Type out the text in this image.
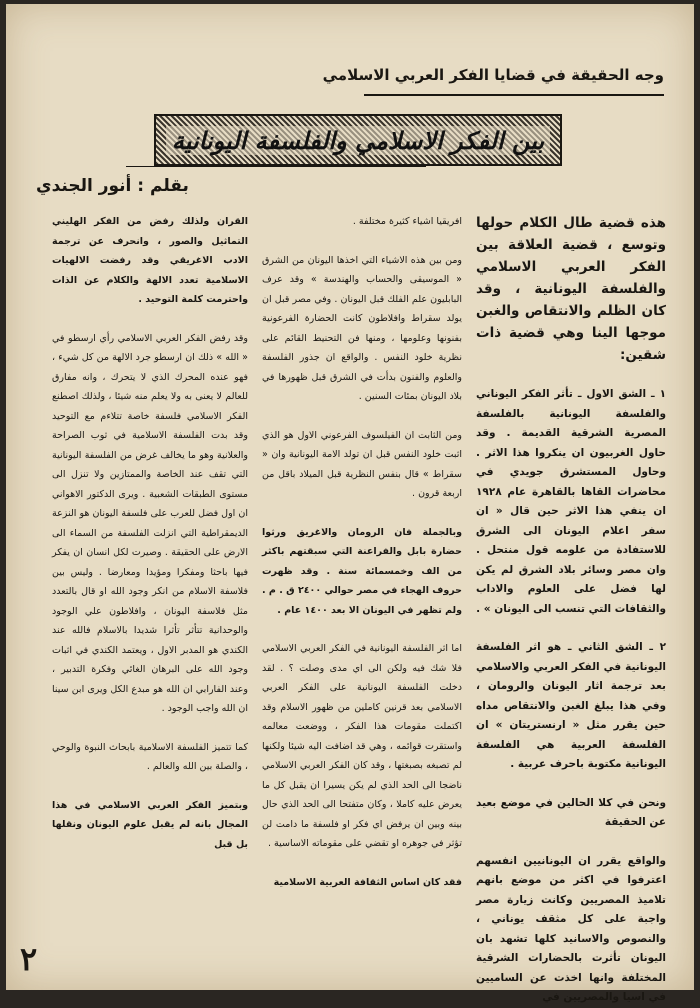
وجه الحقيقة في قضايا الفكر العربي الاسلامي
بين الفكر الاسلامي والفلسفة اليونانية
بقلم : أنور الجندي

هذه قضية طال الكلام حولها وتوسع ، قضية العلاقة بين الفكر العربي الاسلامي والفلسفة اليونانية ، وقد كان الظلم والانتقاص والغبن موجها الينا وهي قضية ذات شقين:

١ ـ الشق الاول ـ تأثر الفكر اليوناني والفلسفة اليونانية بالفلسفة المصرية الشرقية القديمة . وقد حاول الغربيون ان ينكروا هذا الاثر . وحاول المستشرق جويدي في محاضرات القاها بالقاهرة عام ١٩٢٨ ان ينفي هذا الاثر حين قال « ان سفر اعلام اليونان الى الشرق للاستفادة من علومه قول منتحل . وان مصر وسائر بلاد الشرق لم يكن لها فضل على العلوم والاداب والثقافات التي تنسب الى اليونان » .

٢ ـ الشق الثاني ـ هو اثر الفلسفة اليونانية في الفكر العربي والاسلامي بعد ترجمة اثار اليونان والرومان ، وفي هذا يبلغ الغبن والانتقاص مداه حين يقرر مثل « ارنستريتان » ان الفلسفة العربية هي الفلسفة اليونانية مكتوبة باحرف عربية .

ونحن في كلا الحالين في موضع بعيد عن الحقيقة

والواقع يقرر ان اليونانيين انفسهم اعترفوا في اكثر من موضع بانهم تلاميذ المصريين وكانت زيارة مصر واجبة على كل مثقف يوناني ، والنصوص والاسانيد كلها تشهد بان اليونان تأثرت بالحضارات الشرقية المختلفة وانها اخذت عن الساميين في اسيا والمصريين في

افريقيا اشياء كثيرة مختلفة .

ومن بين هذه الاشياء التي اخذها اليونان من الشرق « الموسيقى والحساب والهندسة » وقد عرف البابليون علم الفلك قبل اليونان . وفي مصر قبل ان يولد سقراط وافلاطون كانت الحضارة الفرعونية بفنونها وعلومها ، ومنها فن التحنيط القائم على نظرية خلود النفس . والواقع ان جذور الفلسفة والعلوم والفنون بدأت في الشرق قبل ظهورها في بلاد اليونان بمئات السنين .

ومن الثابت ان الفيلسوف الفرعوني الاول هو الذي اثبت خلود النفس قبل ان تولد الامة اليونانية وان « سقراط » قال بنفس النظرية قبل الميلاد باقل من اربعة قرون .

وبالجملة فان الرومان والاغريق ورثوا حضارة بابل والفراعنة التي سبقتهم باكثر من الف وخمسمائة سنة . وقد ظهرت حروف الهجاء في مصر حوالي ٢٤٠٠ ق . م . ولم تظهر في اليونان الا بعد ١٤٠٠ عام .

اما اثر الفلسفة اليونانية في الفكر العربي الاسلامي فلا شك فيه ولكن الى اي مدى وصلت ؟ . لقد دخلت الفلسفة اليونانية على الفكر العربي الاسلامي بعد قرنين كاملين من ظهور الاسلام وقد اكتملت مقومات هذا الفكر ، ووضعت معالمه واستقرت قوائمه ، وهي قد اضافت اليه شيئا ولكنها لم تصبغه بصبغتها ، وقد كان الفكر العربي الاسلامي ناضجا الى الحد الذي لم يكن يسيرا ان يقبل كل ما يعرض عليه كاملا ، وكان متفتحا الى الحد الذي حال بينه وبين ان يرفض اي فكر او فلسفة ما دامت لن تؤثر في جوهره او تقضي على مقوماته الاساسية .

فقد كان اساس الثقافة العربية الاسلامية

القران ولذلك رفض من الفكر الهليني التماثيل والصور ، وانحرف عن ترجمة الادب الاغريقي وقد رفضت الالهيات الاسلامية تعدد الالهة والكلام عن الذات واحترمت كلمة التوحيد .

وقد رفض الفكر العربي الاسلامي رأي ارسطو في « الله » ذلك ان ارسطو جرد الالهة من كل شيء ، فهو عنده المحرك الذي لا يتحرك ، وانه مفارق للعالم لا يعنى به ولا يعلم منه شيئا ، ولذلك اصطنع الفكر الاسلامي فلسفة خاصة تتلاءم مع التوحيد وقد بدت الفلسفة الاسلامية في ثوب الصراحة والعلانية وهو ما يخالف غرض من الفلسفة اليونانية التي تقف عند الخاصة والممتازين ولا تنزل الى مستوى الطبقات الشعبية . ويرى الدكتور الاهواني ان اول فضل للعرب على فلسفة اليونان هو النزعة الديمقراطية التي انزلت الفلسفة من السماء الى الارض على الحقيقة . وصيرت لكل انسان ان يفكر فيها باحثا ومفكرا ومؤيدا ومعارضا . وليس بين فلاسفة الاسلام من انكر وجود الله او قال بالتعدد مثل فلاسفة اليونان ، وافلاطون علي الوجود والوحدانية تتأثر تأثرا شديدا بالاسلام فالله عند الكندي هو المدبر الاول ، ويعتمد الكندي في اثبات وجود الله على البرهان الغائي وفكرة التدبير ، وعند الفارابي ان الله هو مبدع الكل ويرى ابن سينا ان الله واجب الوجود .

كما تتميز الفلسفة الاسلامية بابحاث النبوة والوحي ، والصلة بين الله والعالم .

وبتميز الفكر العربي الاسلامي في هذا المجال بانه لم يقبل علوم اليونان ونقلها بل قبل

٢
